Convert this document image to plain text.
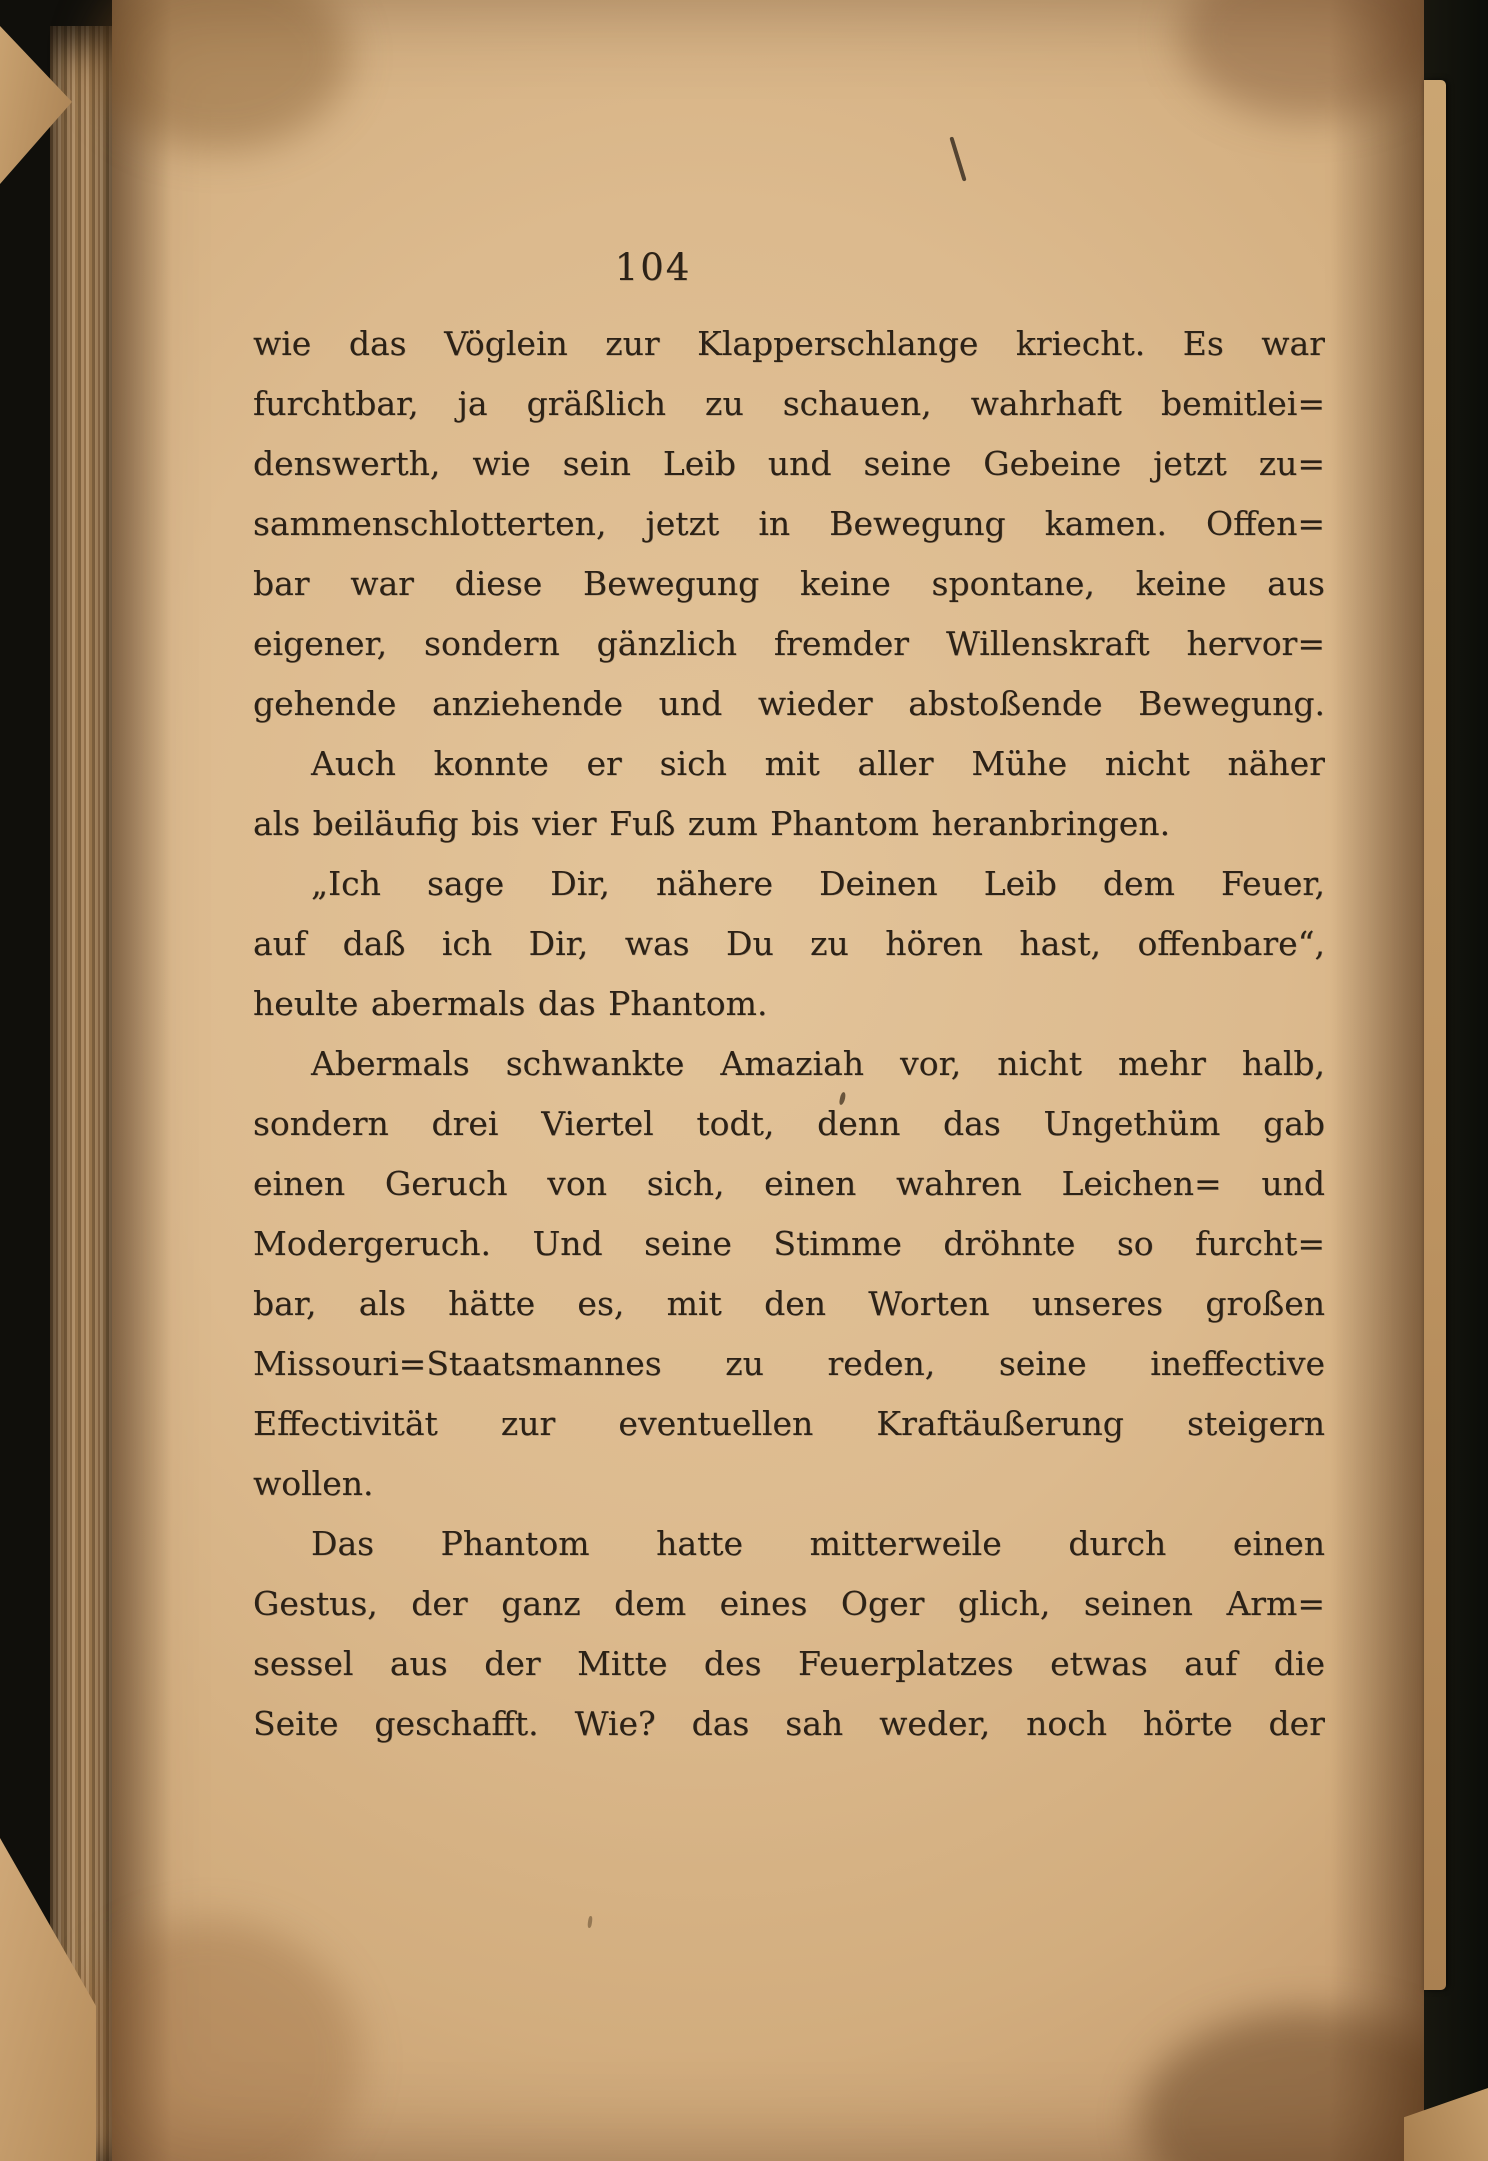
104
wie das Vöglein zur Klapperschlange kriecht. Es war
furchtbar, ja gräßlich zu schauen, wahrhaft bemitlei=
denswerth, wie sein Leib und seine Gebeine jetzt zu=
sammenschlotterten, jetzt in Bewegung kamen. Offen=
bar war diese Bewegung keine spontane, keine aus
eigener, sondern gänzlich fremder Willenskraft hervor=
gehende anziehende und wieder abstoßende Bewegung.
Auch konnte er sich mit aller Mühe nicht näher
als beiläufig bis vier Fuß zum Phantom heranbringen.
„Ich sage Dir, nähere Deinen Leib dem Feuer,
auf daß ich Dir, was Du zu hören hast, offenbare“,
heulte abermals das Phantom.
Abermals schwankte Amaziah vor, nicht mehr halb,
sondern drei Viertel todt, denn das Ungethüm gab
einen Geruch von sich, einen wahren Leichen= und
Modergeruch. Und seine Stimme dröhnte so furcht=
bar, als hätte es, mit den Worten unseres großen
Missouri=Staatsmannes zu reden, seine ineffective
Effectivität zur eventuellen Kraftäußerung steigern
wollen.
Das Phantom hatte mitterweile durch einen
Gestus, der ganz dem eines Oger glich, seinen Arm=
sessel aus der Mitte des Feuerplatzes etwas auf die
Seite geschafft. Wie? das sah weder, noch hörte der
